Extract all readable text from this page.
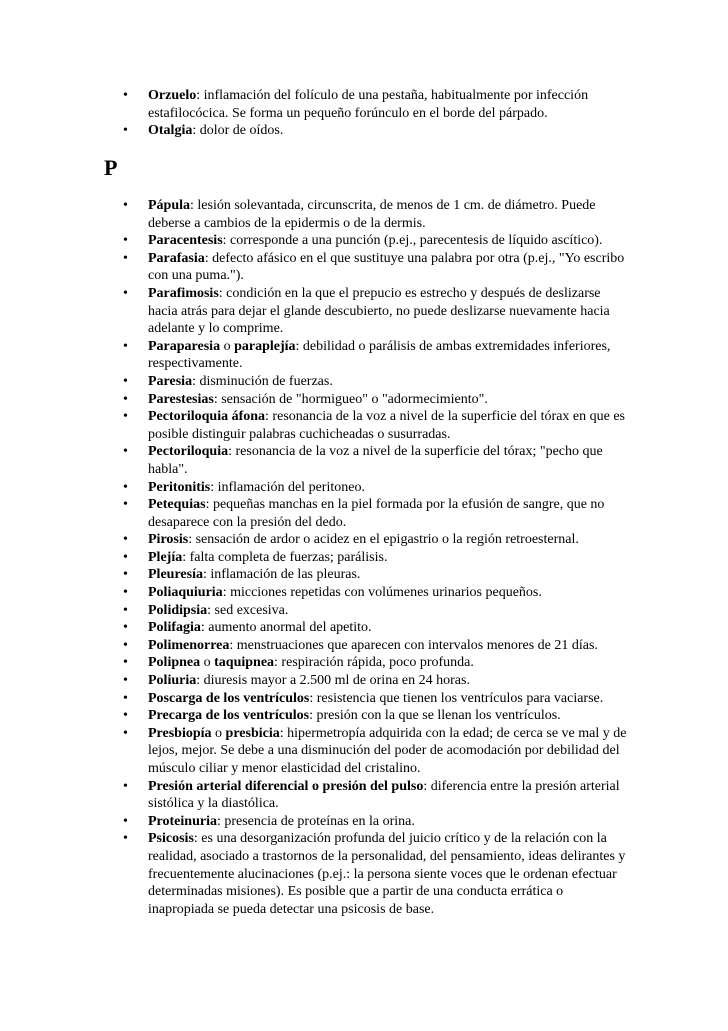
• Orzuelo: inflamación del folículo de una pestaña, habitualmente por infección estafilocócica. Se forma un pequeño forúnculo en el borde del párpado.
• Otalgia: dolor de oídos.
P
• Pápula: lesión solevantada, circunscrita, de menos de 1 cm. de diámetro. Puede deberse a cambios de la epidermis o de la dermis.
• Paracentesis: corresponde a una punción (p.ej., parecentesis de líquido ascítico).
• Parafasia: defecto afásico en el que sustituye una palabra por otra (p.ej., "Yo escribo con una puma.").
• Parafimosis: condición en la que el prepucio es estrecho y después de deslizarse hacia atrás para dejar el glande descubierto, no puede deslizarse nuevamente hacia adelante y lo comprime.
• Paraparesia o paraplejía: debilidad o parálisis de ambas extremidades inferiores, respectivamente.
• Paresia: disminución de fuerzas.
• Parestesias: sensación de "hormigueo" o "adormecimiento".
• Pectoriloquia áfona: resonancia de la voz a nivel de la superficie del tórax en que es posible distinguir palabras cuchicheadas o susurradas.
• Pectoriloquia: resonancia de la voz a nivel de la superficie del tórax; "pecho que habla".
• Peritonitis: inflamación del peritoneo.
• Petequias: pequeñas manchas en la piel formada por la efusión de sangre, que no desaparece con la presión del dedo.
• Pirosis: sensación de ardor o acidez en el epigastrio o la región retroesternal.
• Plejía: falta completa de fuerzas; parálisis.
• Pleuresía: inflamación de las pleuras.
• Poliaquiuria: micciones repetidas con volúmenes urinarios pequeños.
• Polidipsia: sed excesiva.
• Polifagia: aumento anormal del apetito.
• Polimenorrea: menstruaciones que aparecen con intervalos menores de 21 días.
• Polipnea o taquipnea: respiración rápida, poco profunda.
• Poliuria: diuresis mayor a 2.500 ml de orina en 24 horas.
• Poscarga de los ventrículos: resistencia que tienen los ventrículos para vaciarse.
• Precarga de los ventrículos: presión con la que se llenan los ventrículos.
• Presbiopía o presbicia: hipermetropía adquirida con la edad; de cerca se ve mal y de lejos, mejor. Se debe a una disminución del poder de acomodación por debilidad del músculo ciliar y menor elasticidad del cristalino.
• Presión arterial diferencial o presión del pulso: diferencia entre la presión arterial sistólica y la diastólica.
• Proteinuria: presencia de proteínas en la orina.
• Psicosis: es una desorganización profunda del juicio crítico y de la relación con la realidad, asociado a trastornos de la personalidad, del pensamiento, ideas delirantes y frecuentemente alucinaciones (p.ej.: la persona siente voces que le ordenan efectuar determinadas misiones). Es posible que a partir de una conducta errática o inapropiada se pueda detectar una psicosis de base.
